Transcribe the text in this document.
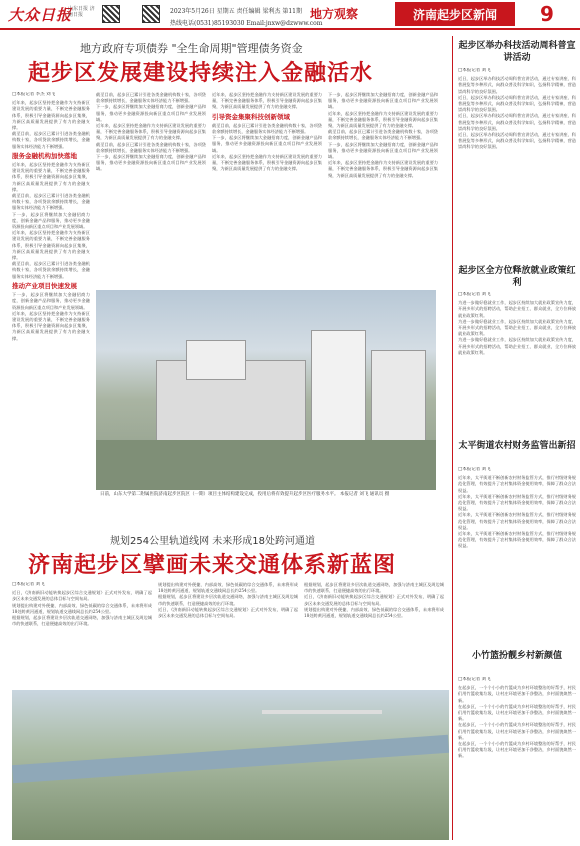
大众日报
山东日报 济南日报	2023年5月26日 星期五 责任编辑 梁利杰 第11期
热线电话(0531)85193030 Email:jnxw@dzwww.com
地方观察	济南起步区新闻	9
地方政府专项债券 "全生命周期"管理债务资金
起步区发展建设持续注入金融活水
□本报记者 李杰 刘飞
近年来，起步区坚持把金融作为支持新区建设发展的重要力量，不断完善金融服务体系，积极引导金融资源向起步区集聚，为新区高质量发展提供了有力的金融支撑。
截至目前，起步区已累计引进各类金融机构数十家，各项贷款余额持续增长，金融服务实体经济能力不断增强。
服务金融机构加快落地
近年来，起步区坚持把金融作为支持新区建设发展的重要力量，不断完善金融服务体系，积极引导金融资源向起步区集聚，为新区高质量发展提供了有力的金融支撑。
截至目前，起步区已累计引进各类金融机构数十家，各项贷款余额持续增长，金融服务实体经济能力不断增强。
下一步，起步区将继续加大金融招商力度，创新金融产品和服务，推动更多金融资源投向新区重点项目和产业发展领域。
近年来，起步区坚持把金融作为支持新区建设发展的重要力量，不断完善金融服务体系，积极引导金融资源向起步区集聚，为新区高质量发展提供了有力的金融支撑。
截至目前，起步区已累计引进各类金融机构数十家，各项贷款余额持续增长，金融服务实体经济能力不断增强。
推动产业项目快速发展
下一步，起步区将继续加大金融招商力度，创新金融产品和服务，推动更多金融资源投向新区重点项目和产业发展领域。
近年来，起步区坚持把金融作为支持新区建设发展的重要力量，不断完善金融服务体系，积极引导金融资源向起步区集聚，为新区高质量发展提供了有力的金融支撑。
截至目前，起步区已累计引进各类金融机构数十家，各项贷款余额持续增长，金融服务实体经济能力不断增强。
下一步，起步区将继续加大金融招商力度，创新金融产品和服务，推动更多金融资源投向新区重点项目和产业发展领域。
近年来，起步区坚持把金融作为支持新区建设发展的重要力量，不断完善金融服务体系，积极引导金融资源向起步区集聚，为新区高质量发展提供了有力的金融支撑。
截至目前，起步区已累计引进各类金融机构数十家，各项贷款余额持续增长，金融服务实体经济能力不断增强。
下一步，起步区将继续加大金融招商力度，创新金融产品和服务，推动更多金融资源投向新区重点项目和产业发展领域。
近年来，起步区坚持把金融作为支持新区建设发展的重要力量，不断完善金融服务体系，积极引导金融资源向起步区集聚，为新区高质量发展提供了有力的金融支撑。
引导资金集聚科技创新领域
截至目前，起步区已累计引进各类金融机构数十家，各项贷款余额持续增长，金融服务实体经济能力不断增强。
下一步，起步区将继续加大金融招商力度，创新金融产品和服务，推动更多金融资源投向新区重点项目和产业发展领域。
近年来，起步区坚持把金融作为支持新区建设发展的重要力量，不断完善金融服务体系，积极引导金融资源向起步区集聚，为新区高质量发展提供了有力的金融支撑。
下一步，起步区将继续加大金融招商力度，创新金融产品和服务，推动更多金融资源投向新区重点项目和产业发展领域。
近年来，起步区坚持把金融作为支持新区建设发展的重要力量，不断完善金融服务体系，积极引导金融资源向起步区集聚，为新区高质量发展提供了有力的金融支撑。
截至目前，起步区已累计引进各类金融机构数十家，各项贷款余额持续增长，金融服务实体经济能力不断增强。
下一步，起步区将继续加大金融招商力度，创新金融产品和服务，推动更多金融资源投向新区重点项目和产业发展领域。
近年来，起步区坚持把金融作为支持新区建设发展的重要力量，不断完善金融服务体系，积极引导金融资源向起步区集聚，为新区高质量发展提供了有力的金融支撑。
日前，山东大学第二附属医院济南起步区院区（一期）项目主体结构建设完成，投用后将有效提升起步区医疗服务水平。 本报记者 刘飞 通讯员 摄
规划254公里轨道线网 未来形成18处跨河通道
济南起步区擘画未来交通体系新蓝图
□本报记者 刘飞
近日，《济南新旧动能转换起步区综合交通规划》正式对外发布，明确了起步区未来交通发展的总体目标与空间布局。
规划提出构建对外便捷、内部高效、绿色低碳的综合交通体系，未来将形成18处跨黄河通道，规划轨道交通线网总长约254公里。
根据规划，起步区将建设多层次轨道交通网络，加强与济南主城区及周边城市的快速联系，打造便捷高效的出行环境。
规划提出构建对外便捷、内部高效、绿色低碳的综合交通体系，未来将形成18处跨黄河通道，规划轨道交通线网总长约254公里。
根据规划，起步区将建设多层次轨道交通网络，加强与济南主城区及周边城市的快速联系，打造便捷高效的出行环境。
近日，《济南新旧动能转换起步区综合交通规划》正式对外发布，明确了起步区未来交通发展的总体目标与空间布局。
根据规划，起步区将建设多层次轨道交通网络，加强与济南主城区及周边城市的快速联系，打造便捷高效的出行环境。
近日，《济南新旧动能转换起步区综合交通规划》正式对外发布，明确了起步区未来交通发展的总体目标与空间布局。
规划提出构建对外便捷、内部高效、绿色低碳的综合交通体系，未来将形成18处跨黄河通道，规划轨道交通线网总长约254公里。
起步区举办科技活动周科普宣讲活动
□本报记者 刘飞
近日，起步区举办科技活动周科普宣讲活动，通过专家讲座、科普展览等多种形式，向群众普及科学知识，弘扬科学精神，营造崇尚科学的良好氛围。
近日，起步区举办科技活动周科普宣讲活动，通过专家讲座、科普展览等多种形式，向群众普及科学知识，弘扬科学精神，营造崇尚科学的良好氛围。
近日，起步区举办科技活动周科普宣讲活动，通过专家讲座、科普展览等多种形式，向群众普及科学知识，弘扬科学精神，营造崇尚科学的良好氛围。
近日，起步区举办科技活动周科普宣讲活动，通过专家讲座、科普展览等多种形式，向群众普及科学知识，弘扬科学精神，营造崇尚科学的良好氛围。
起步区全方位释放就业政策红利
□本报记者 刘飞
为进一步做好稳就业工作，起步区持续加大就业政策宣传力度，开展多形式的招聘活动，帮助企业招工、群众就业，全方位释放就业政策红利。
为进一步做好稳就业工作，起步区持续加大就业政策宣传力度，开展多形式的招聘活动，帮助企业招工、群众就业，全方位释放就业政策红利。
为进一步做好稳就业工作，起步区持续加大就业政策宣传力度，开展多形式的招聘活动，帮助企业招工、群众就业，全方位释放就业政策红利。
太平街道农村财务监管出新招
□本报记者 刘飞
近年来，太平街道不断创新农村财务监管方式，推行村级财务规范化管理，有效提升了农村集体资金使用效率，保障了群众合法权益。
近年来，太平街道不断创新农村财务监管方式，推行村级财务规范化管理，有效提升了农村集体资金使用效率，保障了群众合法权益。
近年来，太平街道不断创新农村财务监管方式，推行村级财务规范化管理，有效提升了农村集体资金使用效率，保障了群众合法权益。
近年来，太平街道不断创新农村财务监管方式，推行村级财务规范化管理，有效提升了农村集体资金使用效率，保障了群众合法权益。
小竹篮扮靓乡村新颜值
□本报记者 刘飞
在起步区，一个个小小的竹篮成为乡村环境整治的好帮手，村民们用竹篮收集垃圾，让村庄环境更加干净整洁，乡村面貌焕然一新。
在起步区，一个个小小的竹篮成为乡村环境整治的好帮手，村民们用竹篮收集垃圾，让村庄环境更加干净整洁，乡村面貌焕然一新。
在起步区，一个个小小的竹篮成为乡村环境整治的好帮手，村民们用竹篮收集垃圾，让村庄环境更加干净整洁，乡村面貌焕然一新。
在起步区，一个个小小的竹篮成为乡村环境整治的好帮手，村民们用竹篮收集垃圾，让村庄环境更加干净整洁，乡村面貌焕然一新。
